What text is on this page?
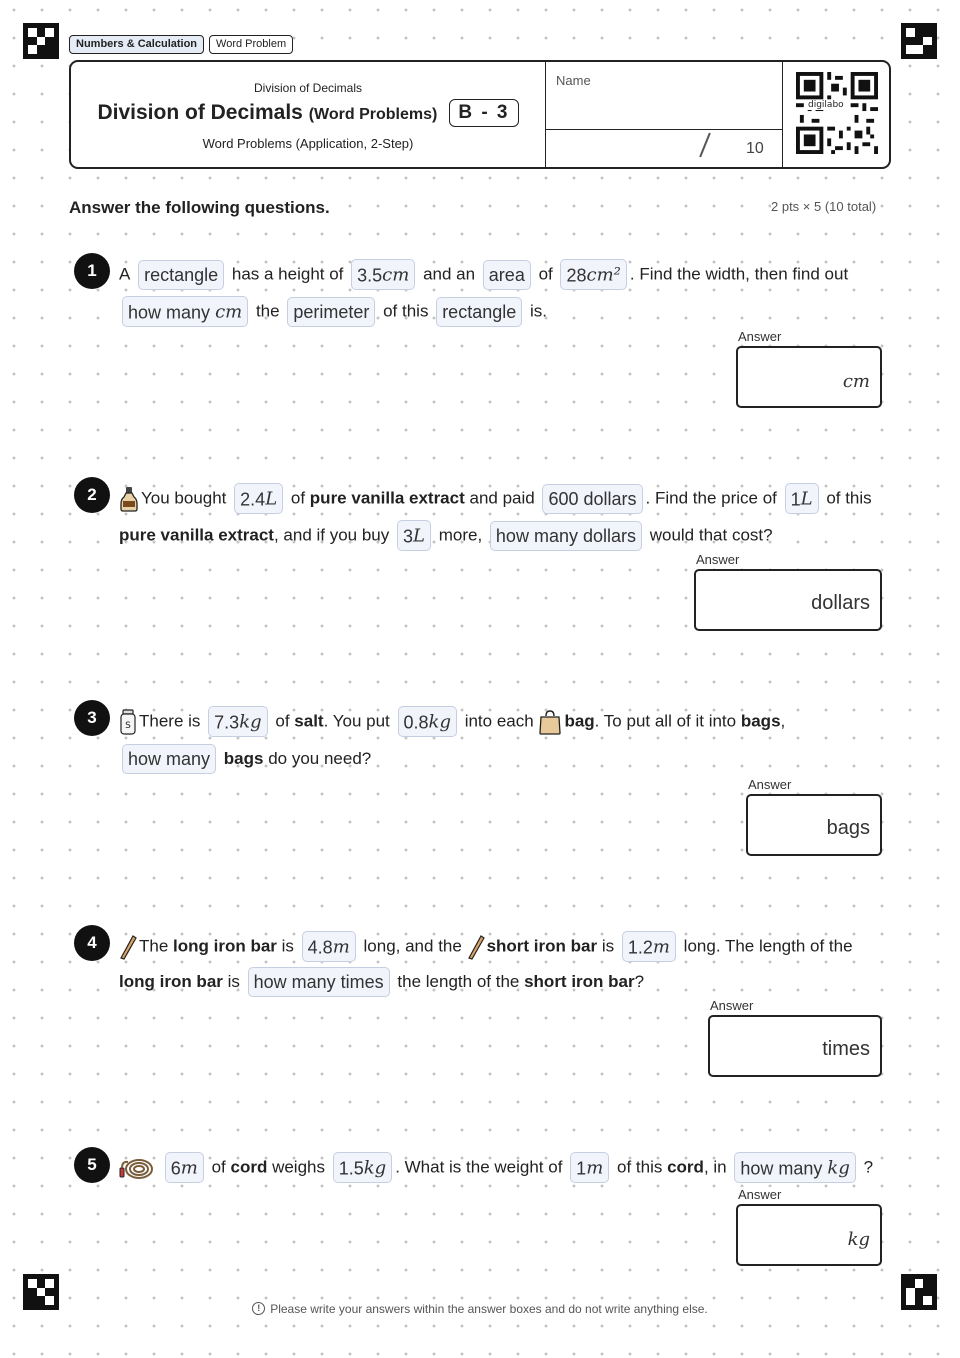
Numbers & Calculation	Word Problem
Division of Decimals
Division of Decimals (Word Problems)	B - 3
Word Problems (Application, 2-Step)
Name
10
digilabo
Answer the following questions.	2 pts × 5 (10 total)
1	A rectangle has a height of 3.5cm and an area of 28cm² . Find the width, then find out
how many cm the perimeter of this rectangle is.
Answer
cm
2	You bought 2.4L of pure vanilla extract and paid 600 dollars . Find the price of 1L of this
pure vanilla extract, and if you buy 3L more, how many dollars would that cost?
Answer
dollars
3	S There is 7.3kg of salt. You put 0.8kg into each bag. To put all of it into bags,
how many bags do you need?
Answer
bags
4	The long iron bar is 4.8m long, and the short iron bar is 1.2m long. The length of the
long iron bar is how many times the length of the short iron bar?
Answer
times
5	6m of cord weighs 1.5kg . What is the weight of 1m of this cord, in how many kg ?
Answer
kg
! Please write your answers within the answer boxes and do not write anything else.
